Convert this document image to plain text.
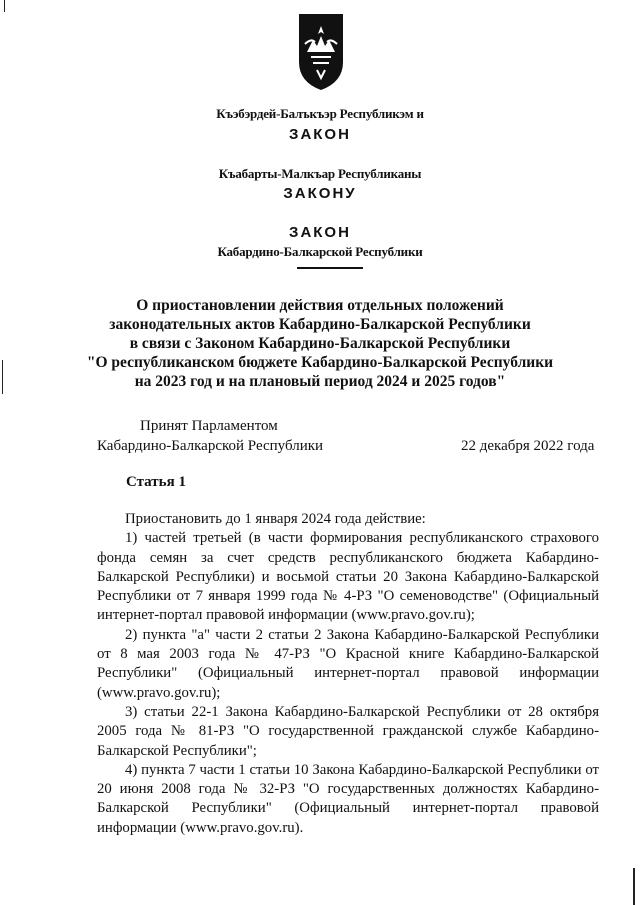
Къэбэрдей-Балъкъэр Республикэм и
ЗАКОН
Къабарты-Малкъар Республиканы
ЗАКОНУ
ЗАКОН
Кабардино-Балкарской Республики
О приостановлении действия отдельных положений
законодательных актов Кабардино-Балкарской Республики
в связи с Законом Кабардино-Балкарской Республики
"О республиканском бюджете Кабардино-Балкарской Республики
на 2023 год и на плановый период 2024 и 2025 годов"
Принят Парламентом
Кабардино-Балкарской Республики	22 декабря 2022 года
Статья 1

Приостановить до 1 января 2024 года действие:

1) частей третьей (в части формирования республиканского страхового фонда семян за счет средств республиканского бюджета Кабардино-Балкарской Республики) и восьмой статьи 20 Закона Кабардино-Балкарской Республики от 7 января 1999 года № 4-РЗ "О семеноводстве" (Официальный интернет-портал правовой информации (www.pravo.gov.ru);

2) пункта "а" части 2 статьи 2 Закона Кабардино-Балкарской Республики от 8 мая 2003 года № 47-РЗ "О Красной книге Кабардино-Балкарской Республики" (Официальный интернет-портал правовой информации (www.pravo.gov.ru);

3) статьи 22-1 Закона Кабардино-Балкарской Республики от 28 октября 2005 года № 81-РЗ "О государственной гражданской службе Кабардино-Балкарской Республики";

4) пункта 7 части 1 статьи 10 Закона Кабардино-Балкарской Республики от 20 июня 2008 года № 32-РЗ "О государственных должностях Кабардино-Балкарской Республики" (Официальный интернет-портал правовой информации (www.pravo.gov.ru).
